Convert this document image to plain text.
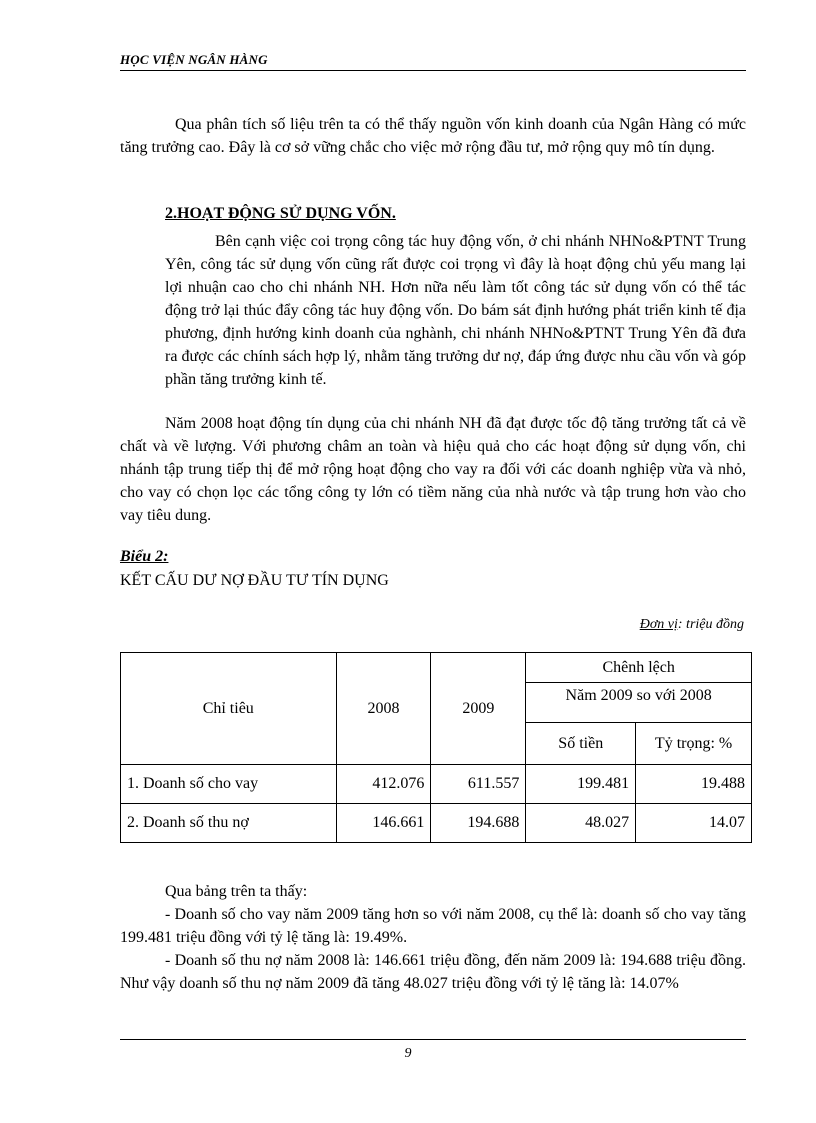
HỌC VIỆN NGÂN HÀNG

Qua phân tích số liệu trên ta có thể thấy nguồn vốn kinh doanh của Ngân Hàng có mức tăng trưởng cao. Đây là cơ sở vững chắc cho việc mở rộng đầu tư, mở rộng quy mô tín dụng.

2.HOẠT ĐỘNG SỬ DỤNG VỐN.

Bên cạnh việc coi trọng công tác huy động vốn, ở chi nhánh NHNo&PTNT Trung Yên, công tác sử dụng vốn cũng rất được coi trọng vì đây là hoạt động chủ yếu mang lại lợi nhuận cao cho chi nhánh NH. Hơn nữa nếu làm tốt công tác sử dụng vốn có thể tác động trở lại thúc đẩy công tác huy động vốn. Do bám sát định hướng phát triển kinh tế địa phương, định hướng kinh doanh của nghành, chi nhánh NHNo&PTNT Trung Yên đã đưa ra được các chính sách hợp lý, nhằm tăng trưởng dư nợ, đáp ứng được nhu cầu vốn và góp phần tăng trưởng kinh tế.

Năm 2008 hoạt động tín dụng của chi nhánh NH đã đạt được tốc độ tăng trưởng tất cả về chất và về lượng. Với phương châm an toàn và hiệu quả cho các hoạt động sử dụng vốn, chi nhánh tập trung tiếp thị để mở rộng hoạt động cho vay ra đối với các doanh nghiệp vừa và nhỏ, cho vay có chọn lọc các tổng công ty lớn có tiềm năng của nhà nước và tập trung hơn vào cho vay tiêu dung.

Biểu 2:
KẾT CẤU DƯ NỢ ĐẦU TƯ TÍN DỤNG
Đơn vị: triệu đồng
Chỉ tiêu	2008	2009	Chênh lệch	
			Năm 2009 so với 2008	
			Số tiền	Tỷ trọng: %
1. Doanh số cho vay	412.076	611.557	199.481	19.488
2. Doanh số thu nợ	146.661	194.688	48.027	14.07
Qua bảng trên ta thấy:
- Doanh số cho vay năm 2009 tăng hơn so với năm 2008, cụ thể là: doanh số cho vay tăng 199.481 triệu đồng với tỷ lệ tăng là: 19.49%.
- Doanh số thu nợ năm 2008 là: 146.661 triệu đồng, đến năm 2009 là: 194.688 triệu đồng. Như vậy doanh số thu nợ năm 2009 đã tăng 48.027 triệu đồng với tỷ lệ tăng là: 14.07%
9
